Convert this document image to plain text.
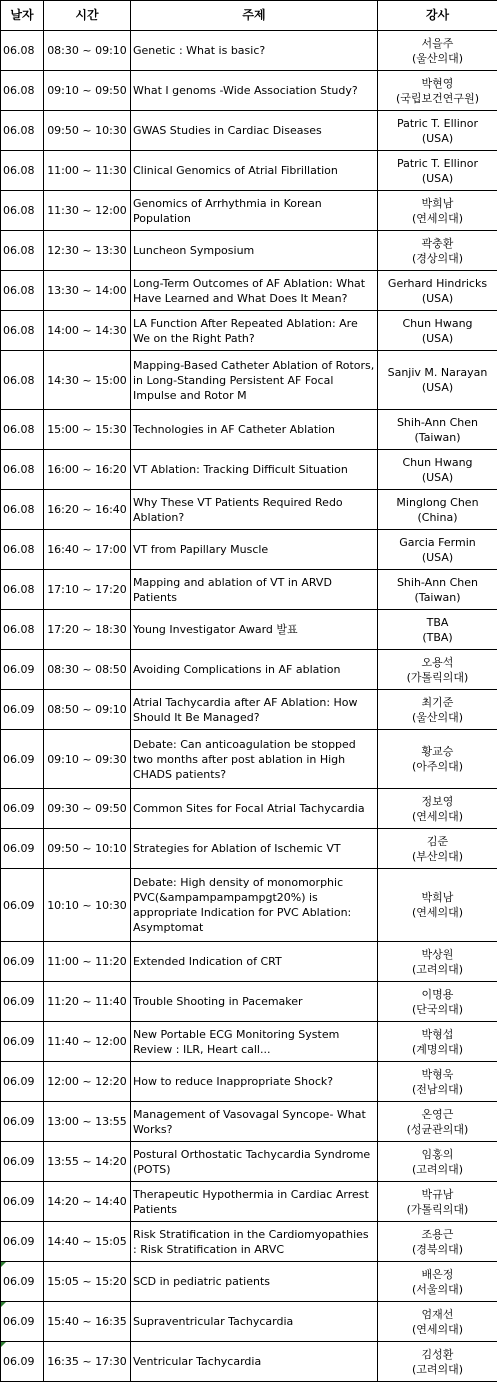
날자	시간	주제	강사
06.08	08:30 ~ 09:10	Genetic : What is basic?	서을주
(울산의대)

06.08	09:10 ~ 09:50	What I genoms -Wide Association Study?	박현영
(국립보건연구원)

06.08	09:50 ~ 10:30	GWAS Studies in Cardiac Diseases	Patric T. Ellinor
(USA)

06.08	11:00 ~ 11:30	Clinical Genomics of Atrial Fibrillation	Patric T. Ellinor
(USA)

06.08	11:30 ~ 12:00	Genomics of Arrhythmia in Korean Population	박희남
(연세의대)

06.08	12:30 ~ 13:30	Luncheon Symposium	곽충환
(경상의대)

06.08	13:30 ~ 14:00	Long-Term Outcomes of AF Ablation: What Have Learned and What Does It Mean?	Gerhard Hindricks
(USA)

06.08	14:00 ~ 14:30	LA Function After Repeated Ablation: Are We on the Right Path?	Chun Hwang
(USA)

06.08	14:30 ~ 15:00	Mapping-Based Catheter Ablation of Rotors, in Long-Standing Persistent AF Focal Impulse and Rotor M	Sanjiv M. Narayan
(USA)

06.08	15:00 ~ 15:30	Technologies in AF Catheter Ablation	Shih-Ann Chen
(Taiwan)

06.08	16:00 ~ 16:20	VT Ablation: Tracking Difficult Situation	Chun Hwang
(USA)

06.08	16:20 ~ 16:40	Why These VT Patients Required Redo Ablation?	Minglong Chen
(China)

06.08	16:40 ~ 17:00	VT from Papillary Muscle	Garcia Fermin
(USA)

06.08	17:10 ~ 17:20	Mapping and ablation of VT in ARVD Patients	Shih-Ann Chen
(Taiwan)

06.08	17:20 ~ 18:30	Young Investigator Award 발표	TBA
(TBA)

06.09	08:30 ~ 08:50	Avoiding Complications in AF ablation	오용석
(가톨릭의대)

06.09	08:50 ~ 09:10	Atrial Tachycardia after AF Ablation: How Should It Be Managed?	최기준
(울산의대)

06.09	09:10 ~ 09:30	Debate: Can anticoagulation be stopped two months after post ablation in High CHADS patients?	황교승
(아주의대)

06.09	09:30 ~ 09:50	Common Sites for Focal Atrial Tachycardia	정보영
(연세의대)

06.09	09:50 ~ 10:10	Strategies for Ablation of Ischemic VT	김준
(부산의대)

06.09	10:10 ~ 10:30	Debate: High density of monomorphic PVC(&ampampampampgt20%) is appropriate Indication for PVC Ablation: Asymptomat	박희남
(연세의대)

06.09	11:00 ~ 11:20	Extended Indication of CRT	박상원
(고려의대)

06.09	11:20 ~ 11:40	Trouble Shooting in Pacemaker	이명용
(단국의대)

06.09	11:40 ~ 12:00	New Portable ECG Monitoring System Review : ILR, Heart call...	박형섭
(계명의대)

06.09	12:00 ~ 12:20	How to reduce Inappropriate Shock?	박형욱
(전남의대)

06.09	13:00 ~ 13:55	Management of Vasovagal Syncope- What Works?	온영근
(성균관의대)

06.09	13:55 ~ 14:20	Postural Orthostatic Tachycardia Syndrome (POTS)	임홍의
(고려의대)

06.09	14:20 ~ 14:40	Therapeutic Hypothermia in Cardiac Arrest Patients	박규남
(가톨릭의대)

06.09	14:40 ~ 15:05	Risk Stratification in the Cardiomyopathies : Risk Stratification in ARVC	조용근
(경북의대)

06.09	15:05 ~ 15:20	SCD in pediatric patients	배은정
(서울의대)

06.09	15:40 ~ 16:35	Supraventricular Tachycardia	엄재선
(연세의대)

06.09	16:35 ~ 17:30	Ventricular Tachycardia	김성환
(고려의대)
